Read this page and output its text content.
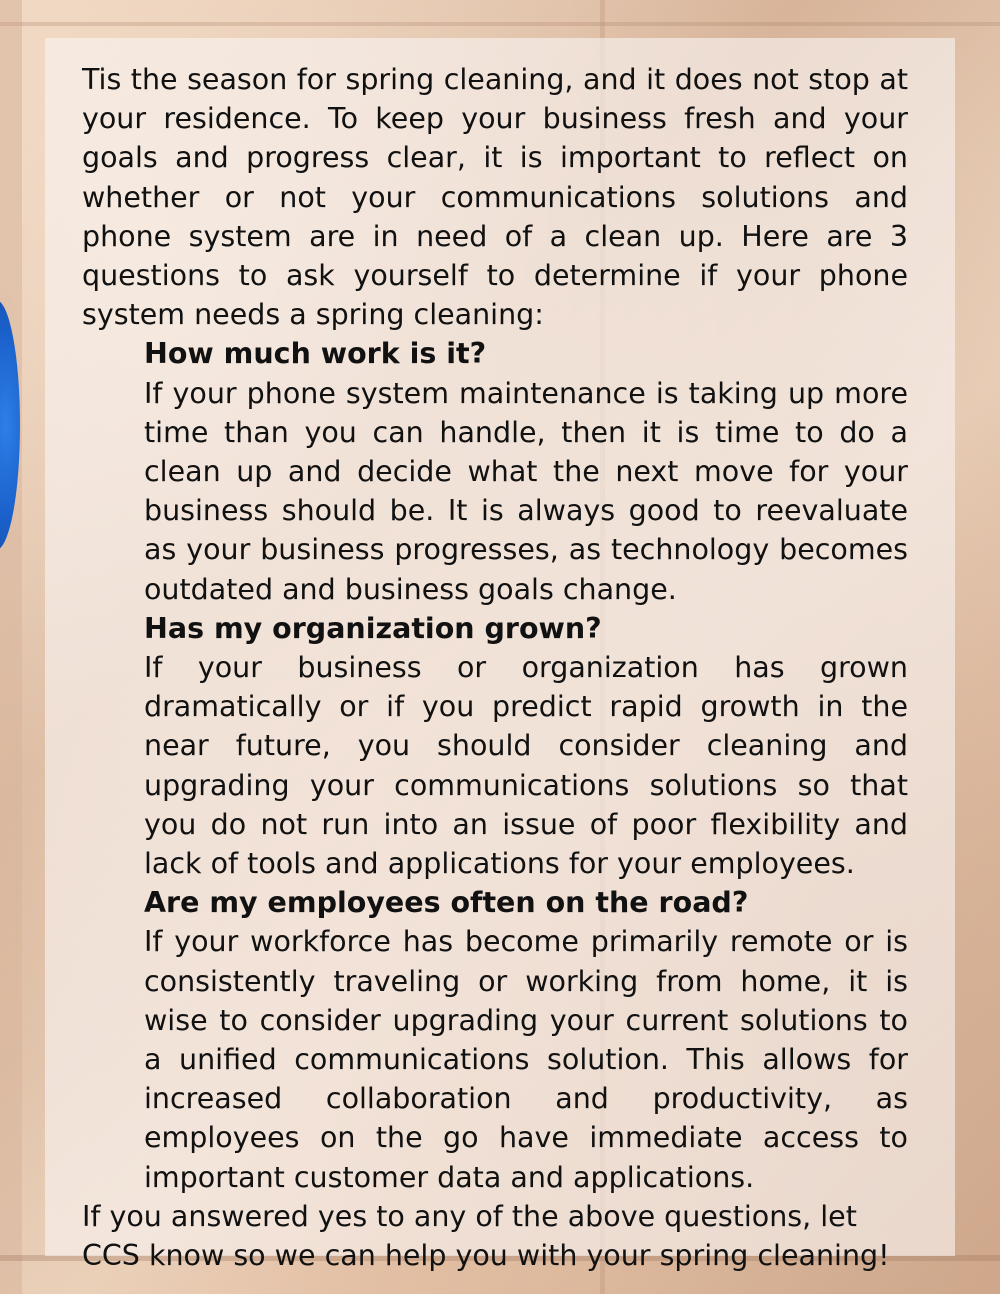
Tis the season for spring cleaning, and it does not stop at your residence. To keep your business fresh and your goals and progress clear, it is important to reflect on whether or not your communications solutions and phone system are in need of a clean up. Here are 3 questions to ask yourself to determine if your phone system needs a spring cleaning:

How much work is it?

If your phone system maintenance is taking up more time than you can handle, then it is time to do a clean up and decide what the next move for your business should be. It is always good to reevaluate as your business progresses, as technology becomes outdated and business goals change.

Has my organization grown?

If your business or organization has grown dramatically or if you predict rapid growth in the near future, you should consider cleaning and upgrading your communications solutions so that you do not run into an issue of poor flexibility and lack of tools and applications for your employees.

Are my employees often on the road?

If your workforce has become primarily remote or is consistently traveling or working from home, it is wise to consider upgrading your current solutions to a unified communications solution. This allows for increased collaboration and productivity, as employees on the go have immediate access to important customer data and applications.

If you answered yes to any of the above questions, let CCS know so we can help you with your spring cleaning!
